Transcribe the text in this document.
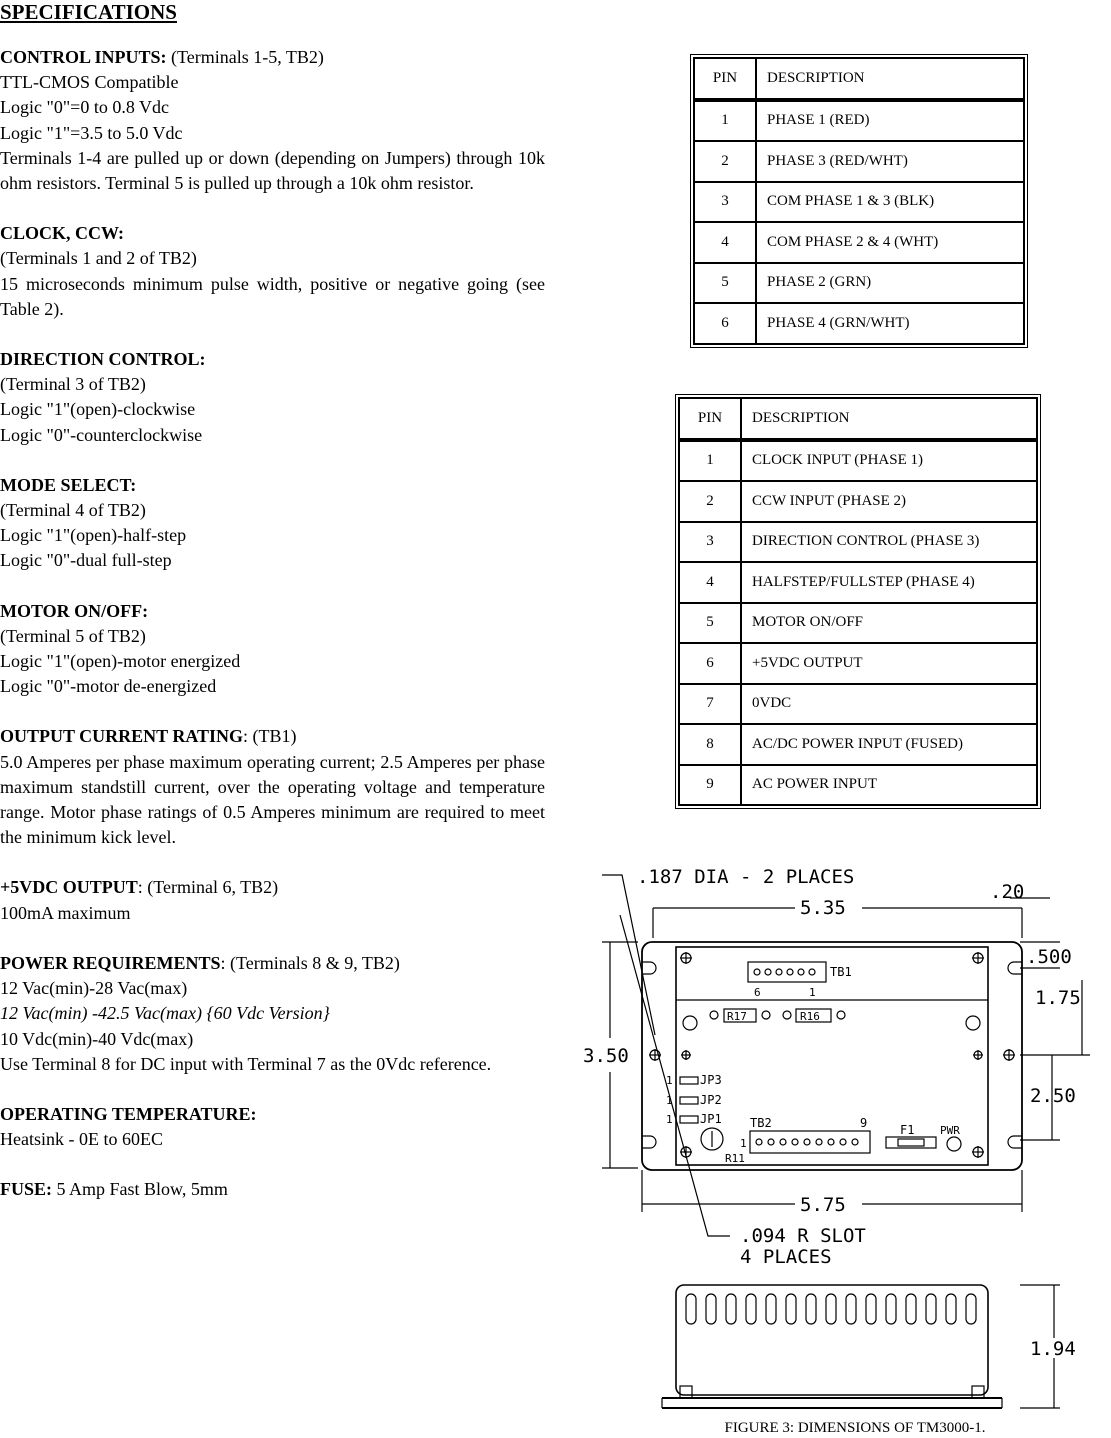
SPECIFICATIONS

CONTROL INPUTS: (Terminals 1-5, TB2)

TTL-CMOS Compatible

Logic "0"=0 to 0.8 Vdc

Logic "1"=3.5 to 5.0 Vdc

Terminals 1-4 are pulled up or down (depending on Jumpers) through 10k ohm resistors. Terminal 5 is pulled up through a 10k ohm resistor.

CLOCK, CCW:

(Terminals 1 and 2 of TB2)

15 microseconds minimum pulse width, positive or negative going (see Table 2).

DIRECTION CONTROL:

(Terminal 3 of TB2)

Logic "1"(open)-clockwise

Logic "0"-counterclockwise

MODE SELECT:

(Terminal 4 of TB2)

Logic "1"(open)-half-step

Logic "0"-dual full-step

MOTOR ON/OFF:

(Terminal 5 of TB2)

Logic "1"(open)-motor energized

Logic "0"-motor de-energized

OUTPUT CURRENT RATING: (TB1)

5.0 Amperes per phase maximum operating current; 2.5 Amperes per phase maximum standstill current, over the operating voltage and temperature range. Motor phase ratings of 0.5 Amperes minimum are required to meet the minimum kick level.

+5VDC OUTPUT: (Terminal 6, TB2)

100mA maximum

POWER REQUIREMENTS: (Terminals 8 & 9, TB2)

12 Vac(min)-28 Vac(max)

12 Vac(min) -42.5 Vac(max) {60 Vdc Version}

10 Vdc(min)-40 Vdc(max)

Use Terminal 8 for DC input with Terminal 7 as the 0Vdc reference.

OPERATING TEMPERATURE:

Heatsink - 0E to 60EC

FUSE: 5 Amp Fast Blow, 5mm

PIN	DESCRIPTION
1	PHASE 1 (RED)
2	PHASE 3 (RED/WHT)
3	COM PHASE 1 & 3 (BLK)
4	COM PHASE 2 & 4 (WHT)
5	PHASE 2 (GRN)
6	PHASE 4 (GRN/WHT)
PIN	DESCRIPTION
1	CLOCK INPUT (PHASE 1)
2	CCW INPUT (PHASE 2)
3	DIRECTION CONTROL (PHASE 3)
4	HALFSTEP/FULLSTEP (PHASE 4)
5	MOTOR ON/OFF
6	+5VDC OUTPUT
7	0VDC
8	AC/DC POWER INPUT (FUSED)
9	AC POWER INPUT
.187 DIA - 2 PLACES
.20
5.35
.500
1.75
3.50
2.50
5.75
.094 R SLOT
4 PLACES
1.94
TB1
6	1
R17	R16
1
1
1
JP3
JP2
JP1 TB2	9
1
F1 PWR
R11
FIGURE 3: DIMENSIONS OF TM3000-1.
